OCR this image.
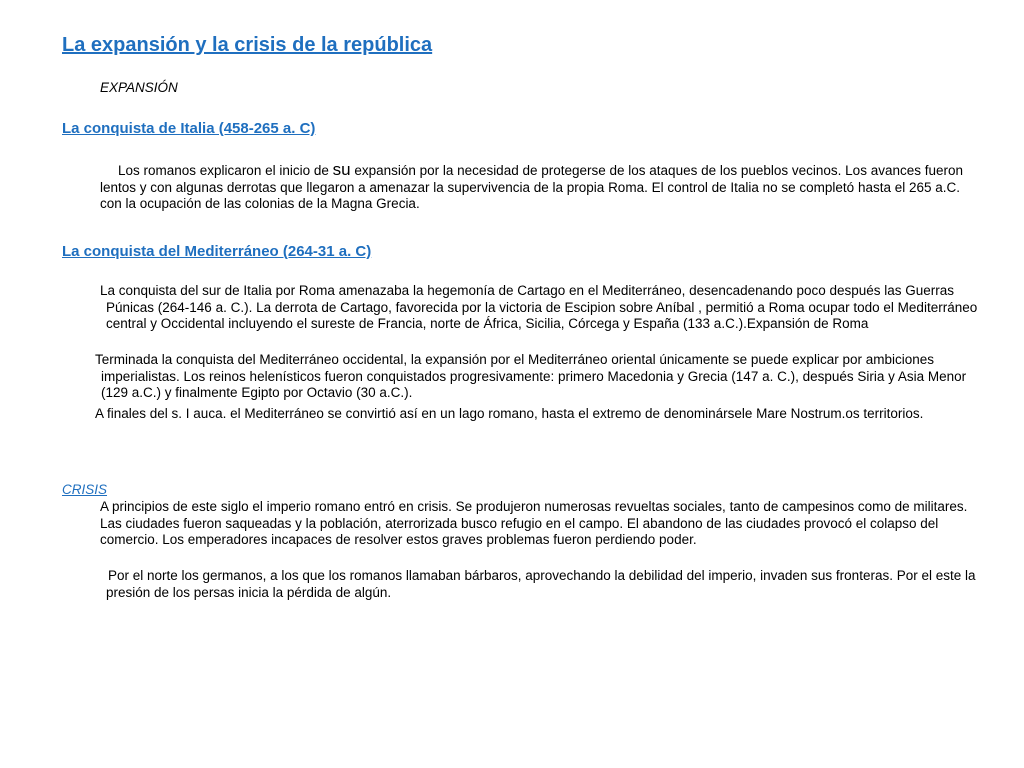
La expansión y la crisis de la república
EXPANSIÓN
La conquista de Italia (458-265 a. C)
Los romanos explicaron el inicio de su expansión por la necesidad de protegerse de los ataques de los pueblos vecinos. Los avances fueron lentos y con algunas derrotas que llegaron a amenazar la supervivencia de la propia Roma. El control de Italia no se completó hasta el 265 a.C. con la ocupación de las colonias de la Magna Grecia.
La conquista del Mediterráneo (264-31 a. C)
La conquista del sur de Italia por Roma amenazaba la hegemonía de Cartago en el Mediterráneo, desencadenando poco después las Guerras Púnicas (264-146 a. C.). La derrota de Cartago, favorecida por la victoria de Escipion sobre Aníbal , permitió a Roma ocupar todo el Mediterráneo central y Occidental incluyendo el sureste de Francia, norte de África, Sicilia, Córcega y España (133 a.C.).Expansión de Roma
Terminada la conquista del Mediterráneo occidental, la expansión por el Mediterráneo oriental únicamente se puede explicar por ambiciones imperialistas. Los reinos helenísticos fueron conquistados progresivamente: primero Macedonia y Grecia (147 a. C.), después Siria y Asia Menor (129 a.C.) y finalmente Egipto por Octavio (30 a.C.).
A finales del s. I auca. el Mediterráneo se convirtió así en un lago romano, hasta el extremo de denominársele Mare Nostrum.os territorios.
CRISIS
A principios de este siglo el imperio romano entró en crisis. Se produjeron numerosas revueltas sociales, tanto de campesinos como de militares. Las ciudades fueron saqueadas y la población, aterrorizada busco refugio en el campo. El abandono de las ciudades provocó el colapso del comercio. Los emperadores incapaces de resolver estos graves problemas fueron perdiendo poder.
Por el norte los germanos, a los que los romanos llamaban bárbaros, aprovechando la debilidad del imperio, invaden sus fronteras. Por el este la presión de los persas inicia la pérdida de algún.
